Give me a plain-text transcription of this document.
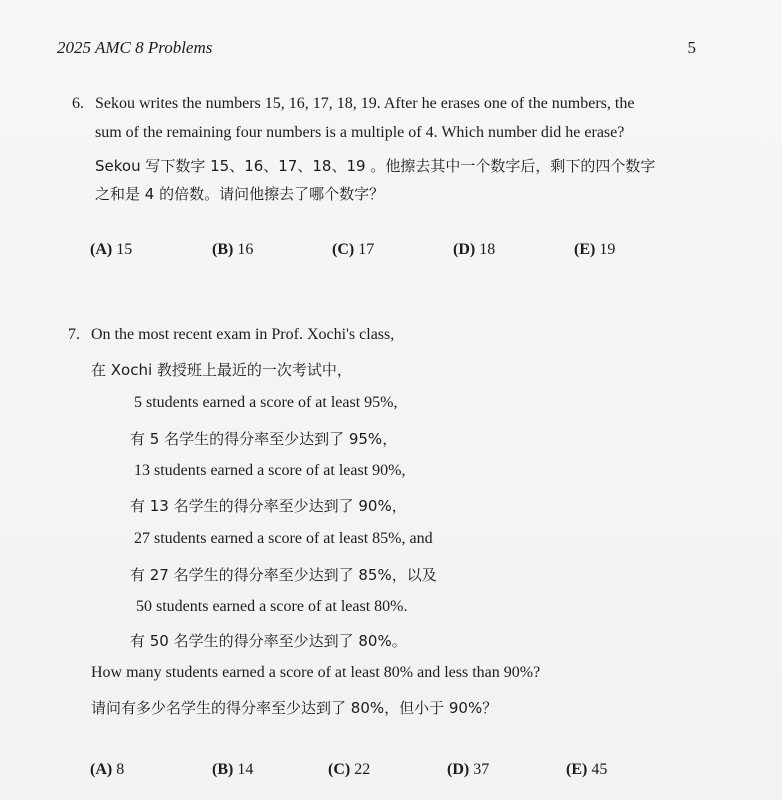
2025 AMC 8 Problems	5
6. Sekou writes the numbers 15, 16, 17, 18, 19. After he erases one of the numbers, the
sum of the remaining four numbers is a multiple of 4. Which number did he erase?
Sekou 写下数字 15、16、17、18、19 。他擦去其中一个数字后，剩下的四个数字
之和是 4 的倍数。请问他擦去了哪个数字？
(A) 15	(B) 16	(C) 17	(D) 18	(E) 19
7. On the most recent exam in Prof. Xochi's class,
在 Xochi 教授班上最近的一次考试中，
5 students earned a score of at least 95%,
有 5 名学生的得分率至少达到了 95%，
13 students earned a score of at least 90%,
有 13 名学生的得分率至少达到了 90%，
27 students earned a score of at least 85%, and
有 27 名学生的得分率至少达到了 85%，以及
50 students earned a score of at least 80%.
有 50 名学生的得分率至少达到了 80%。
How many students earned a score of at least 80% and less than 90%?
请问有多少名学生的得分率至少达到了 80%，但小于 90%？
(A) 8	(B) 14	(C) 22	(D) 37	(E) 45
